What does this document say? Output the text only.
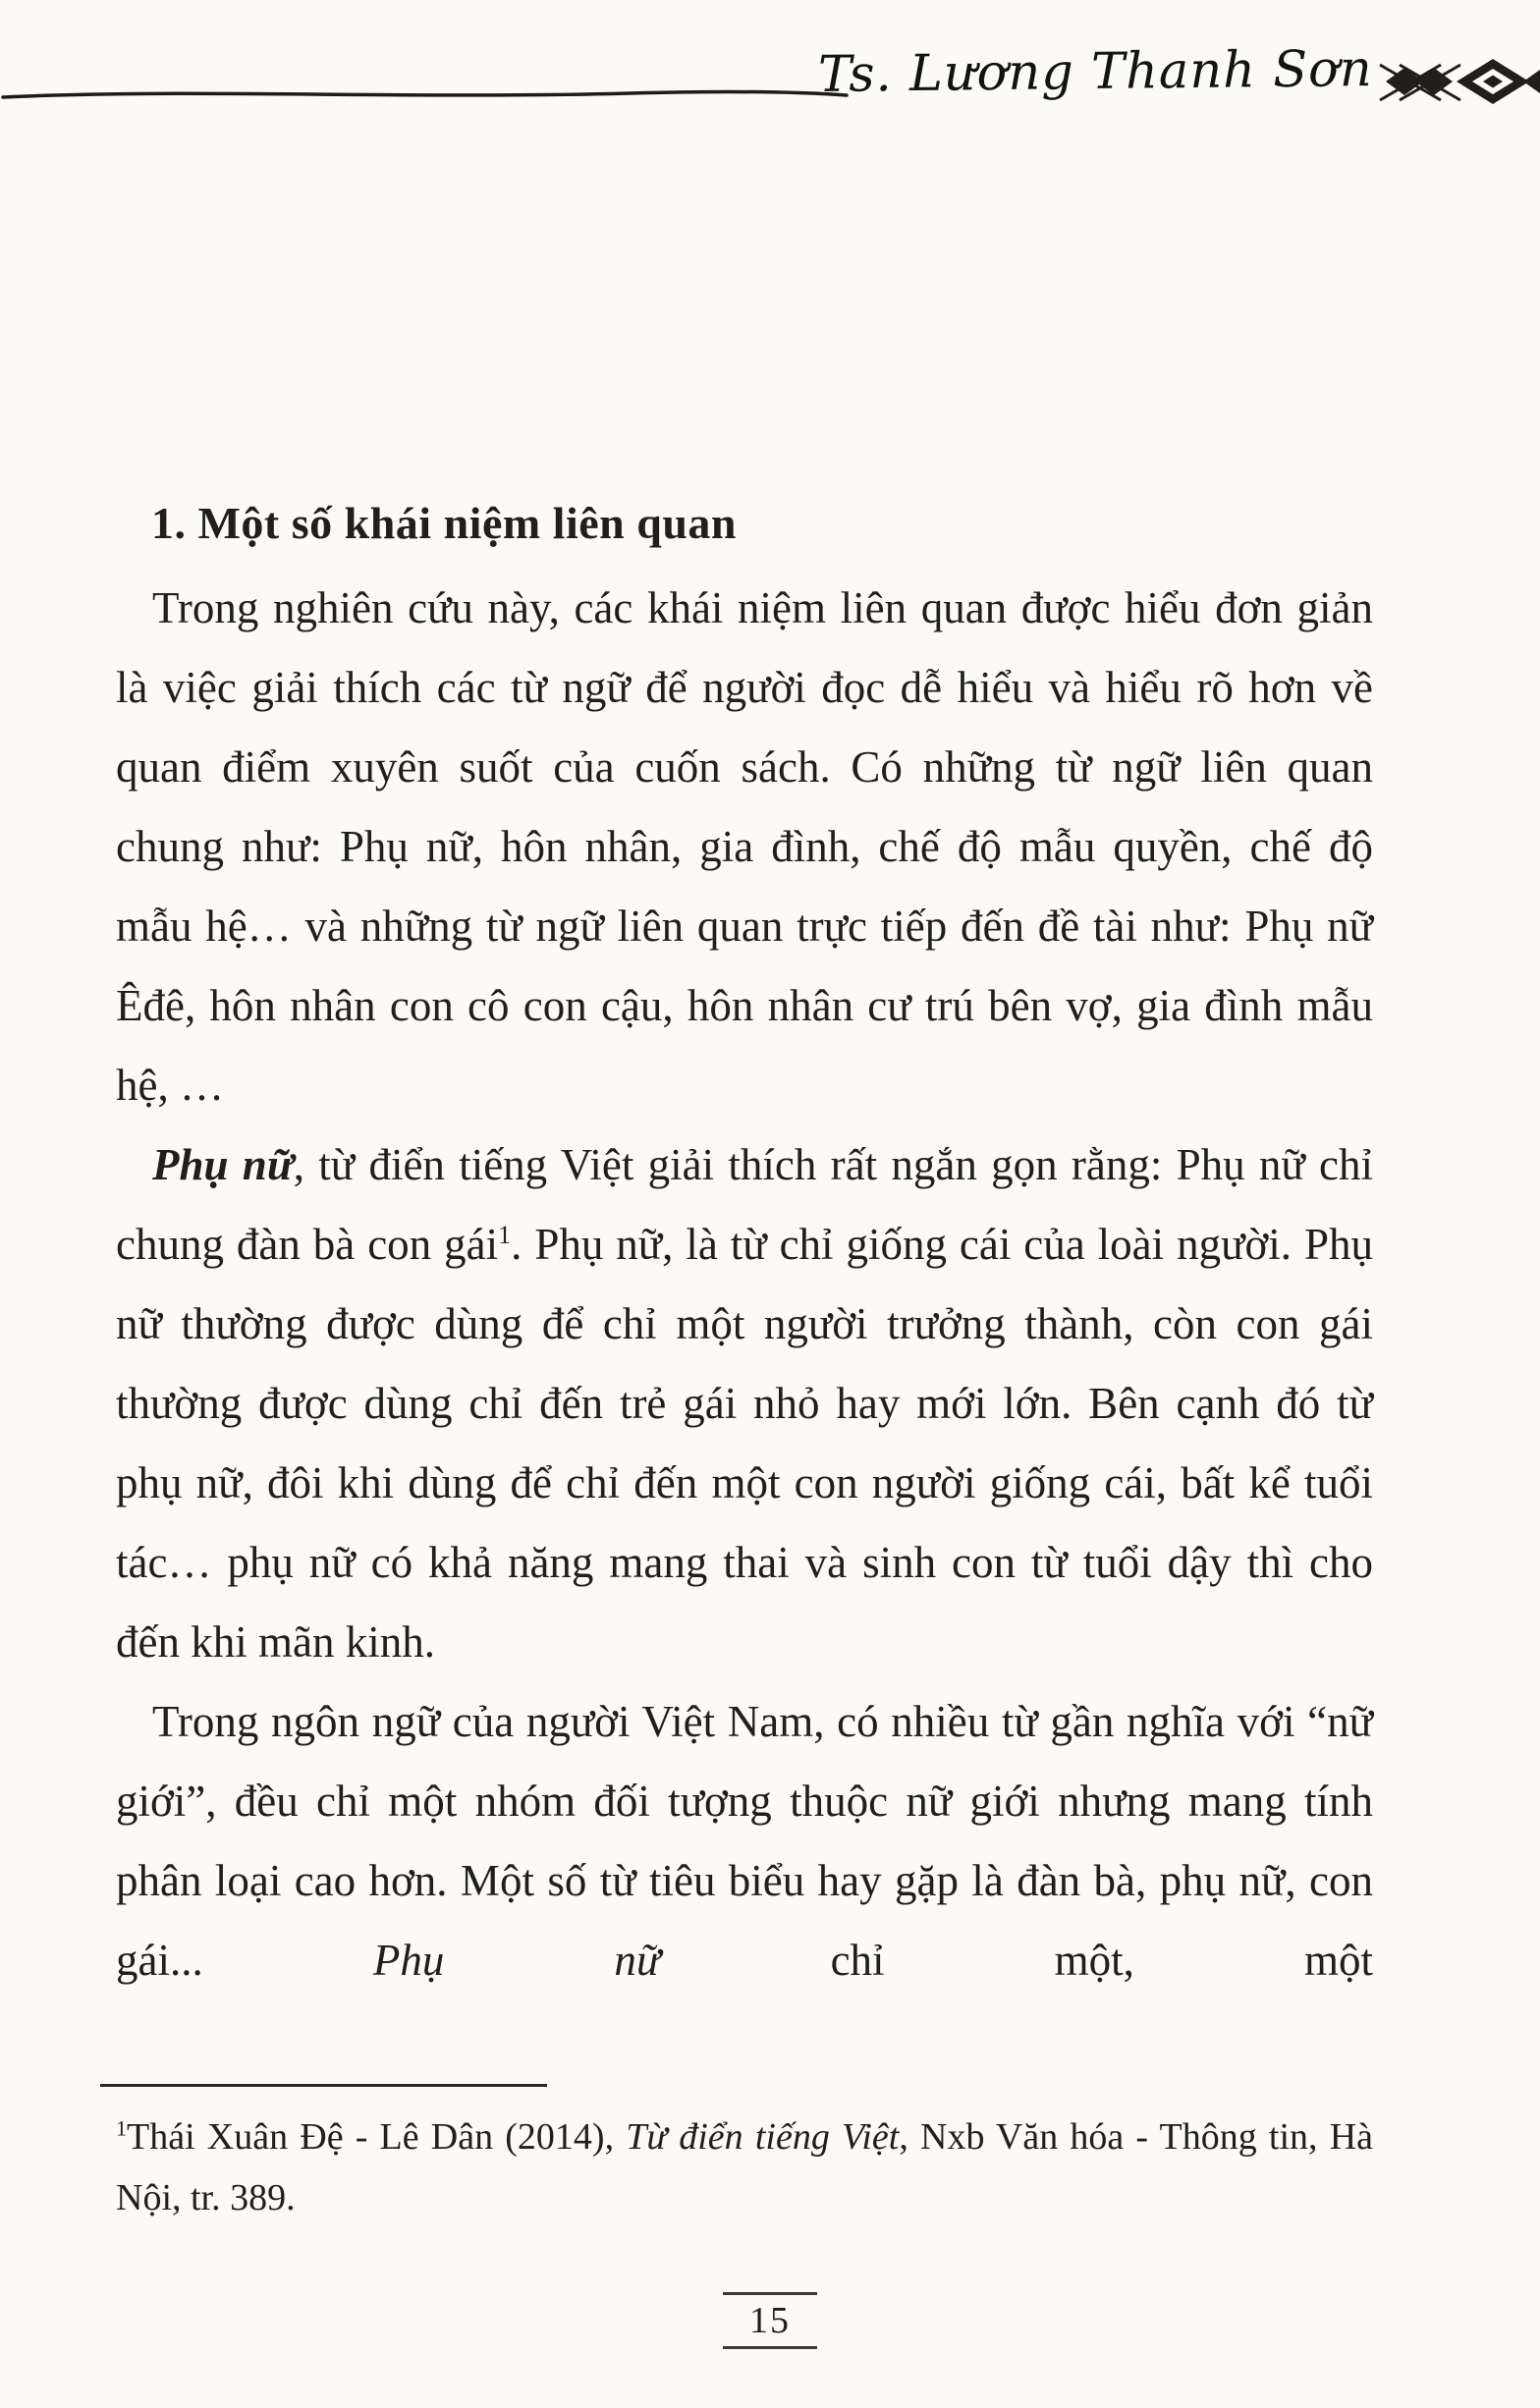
Ts. Lương Thanh Sơn
1. Một số khái niệm liên quan

Trong nghiên cứu này, các khái niệm liên quan được hiểu đơn giản là việc giải thích các từ ngữ để người đọc dễ hiểu và hiểu rõ hơn về quan điểm xuyên suốt của cuốn sách. Có những từ ngữ liên quan chung như: Phụ nữ, hôn nhân, gia đình, chế độ mẫu quyền, chế độ mẫu hệ… và những từ ngữ liên quan trực tiếp đến đề tài như: Phụ nữ Êđê, hôn nhân con cô con cậu, hôn nhân cư trú bên vợ, gia đình mẫu hệ, …

Phụ nữ, từ điển tiếng Việt giải thích rất ngắn gọn rằng: Phụ nữ chỉ chung đàn bà con gái$^1$. Phụ nữ, là từ chỉ giống cái của loài người. Phụ nữ thường được dùng để chỉ một người trưởng thành, còn con gái thường được dùng chỉ đến trẻ gái nhỏ hay mới lớn. Bên cạnh đó từ phụ nữ, đôi khi dùng để chỉ đến một con người giống cái, bất kể tuổi tác… phụ nữ có khả năng mang thai và sinh con từ tuổi dậy thì cho đến khi mãn kinh.

Trong ngôn ngữ của người Việt Nam, có nhiều từ gần nghĩa với “nữ giới”, đều chỉ một nhóm đối tượng thuộc nữ giới nhưng mang tính phân loại cao hơn. Một số từ tiêu biểu hay gặp là đàn bà, phụ nữ, con gái... Phụ nữ chỉ một, một

$^1$Thái Xuân Đệ - Lê Dân (2014), Từ điển tiếng Việt, Nxb Văn hóa - Thông tin, Hà Nội, tr. 389.

15
